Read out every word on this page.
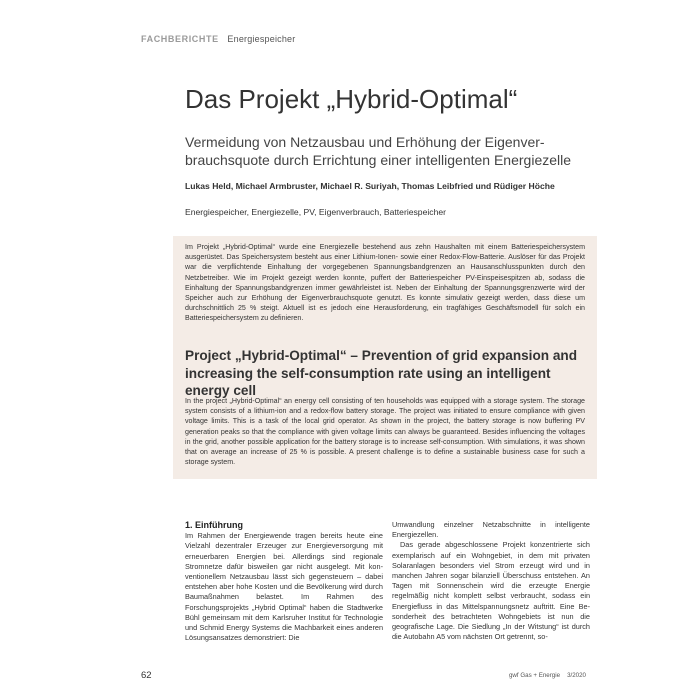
FACHBERICHTE Energiespeicher
Das Projekt „Hybrid-Optimal“

Vermeidung von Netzausbau und Erhöhung der Eigenverbrauchsquote durch Errichtung einer intelligenten Energiezelle

Lukas Held, Michael Armbruster, Michael R. Suriyah, Thomas Leibfried und Rüdiger Höche
Energiespeicher, Energiezelle, PV, Eigenverbrauch, Batteriespeicher

Im Projekt „Hybrid-Optimal“ wurde eine Energiezelle bestehend aus zehn Haushalten mit einem Batteriespeichersystem ausgerüstet. Das Speichersystem besteht aus einer Lithium-Ionen- sowie einer Redox-Flow-Batterie. Auslöser für das Projekt war die verpflichtende Einhaltung der vorgegebenen Spannungsbandgrenzen an Hausanschlusspunkten durch den Netzbetreiber. Wie im Projekt gezeigt werden konnte, puffert der Batteriespeicher PV-Einspeisespitzen ab, sodass die Einhaltung der Spannungsbandgrenzen immer gewährleistet ist. Neben der Einhaltung der Spannungsgrenzwerte wird der Speicher auch zur Erhöhung der Eigenverbrauchsquote genutzt. Es konnte simulativ gezeigt werden, dass diese um durchschnittlich 25 % steigt. Aktuell ist es jedoch eine Herausforderung, ein tragfähiges Geschäftsmodell für solch ein Batteriespeichersystem zu definieren.

Project „Hybrid-Optimal“ – Prevention of grid expansion and increasing the self-consumption rate using an intelligent energy cell

In the project „Hybrid-Optimal“ an energy cell consisting of ten households was equipped with a storage system. The storage system consists of a lithium-ion and a redox-flow battery storage. The project was initiated to ensure compliance with given voltage limits. This is a task of the local grid operator. As shown in the project, the battery storage is now buffering PV generation peaks so that the compliance with given voltage limits can always be guaranteed. Besides influencing the voltages in the grid, another possible application for the battery storage is to increase self-consumption. With simulations, it was shown that on average an increase of 25 % is possible. A present challenge is to define a sustainable business case for such a storage system.

1. Einführung

Im Rahmen der Energiewende tragen bereits heute eine Vielzahl dezentraler Erzeuger zur Energieversorgung mit erneuerbaren Energien bei. Allerdings sind regionale Stromnetze dafür bisweilen gar nicht ausgelegt. Mit konventionellem Netzausbau lässt sich gegensteuern – dabei entstehen aber hohe Kosten und die Bevölkerung wird durch Baumaßnahmen belastet. Im Rahmen des Forschungsprojekts „Hybrid Optimal“ haben die Stadtwerke Bühl gemeinsam mit dem Karlsruher Institut für Technologie und Schmid Energy Systems die Machbarkeit eines anderen Lösungsansatzes demonstriert: Die

Umwandlung einzelner Netzabschnitte in intelligente Energiezellen.

Das gerade abgeschlossene Projekt konzentrierte sich exemplarisch auf ein Wohngebiet, in dem mit privaten Solaranlagen besonders viel Strom erzeugt wird und in manchen Jahren sogar bilanziell Überschuss entstehen. An Tagen mit Sonnenschein wird die erzeugte Energie regelmäßig nicht komplett selbst verbraucht, sodass ein Energiefluss in das Mittelspannungsnetz auftritt. Eine Besonderheit des betrachteten Wohngebiets ist nun die geografische Lage. Die Siedlung „In der Witstung“ ist durch die Autobahn A5 vom nächsten Ort getrennt, so-

62	gwf Gas + Energie 3/2020
